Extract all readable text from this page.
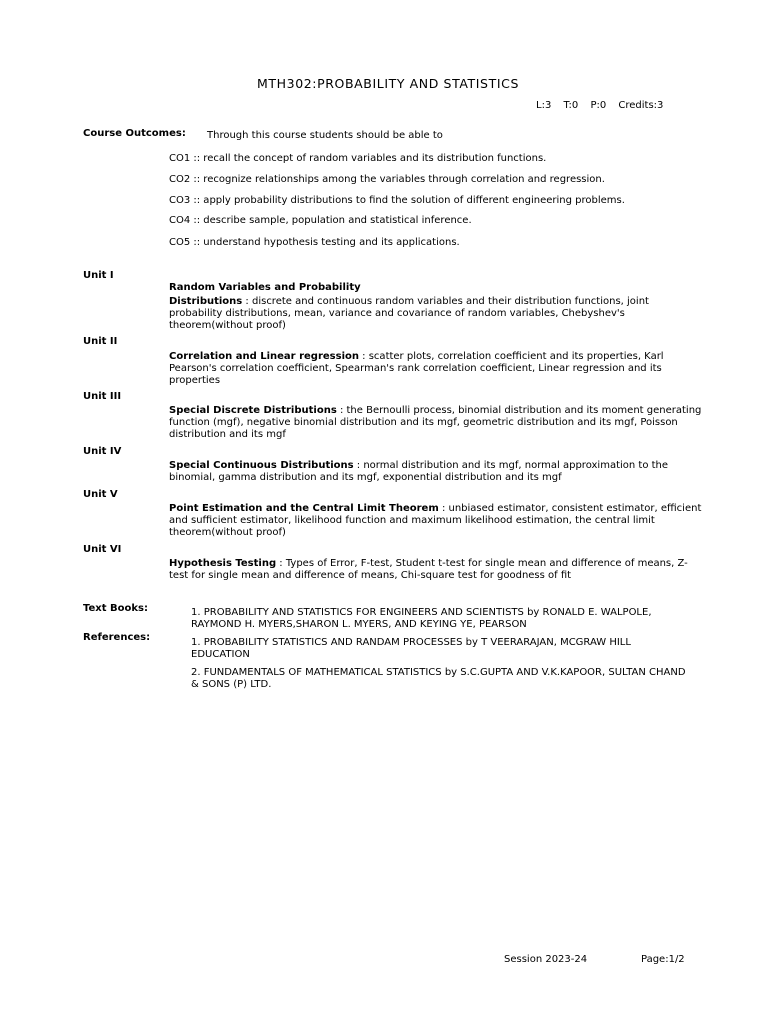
MTH302:PROBABILITY AND STATISTICS
L:3 T:0 P:0 Credits:3
Course Outcomes: Through this course students should be able to
CO1 :: recall the concept of random variables and its distribution functions.
CO2 :: recognize relationships among the variables through correlation and regression.
CO3 :: apply probability distributions to find the solution of different engineering problems.
CO4 :: describe sample, population and statistical inference.
CO5 :: understand hypothesis testing and its applications.
Unit I
Random Variables and Probability
Distributions : discrete and continuous random variables and their distribution functions, joint probability distributions, mean, variance and covariance of random variables, Chebyshev's theorem(without proof)
Unit II
Correlation and Linear regression : scatter plots, correlation coefficient and its properties, Karl Pearson's correlation coefficient, Spearman's rank correlation coefficient, Linear regression and its properties
Unit III
Special Discrete Distributions : the Bernoulli process, binomial distribution and its moment generating function (mgf), negative binomial distribution and its mgf, geometric distribution and its mgf, Poisson distribution and its mgf
Unit IV
Special Continuous Distributions : normal distribution and its mgf, normal approximation to the binomial, gamma distribution and its mgf, exponential distribution and its mgf
Unit V
Point Estimation and the Central Limit Theorem : unbiased estimator, consistent estimator, efficient and sufficient estimator, likelihood function and maximum likelihood estimation, the central limit theorem(without proof)
Unit VI
Hypothesis Testing : Types of Error, F-test, Student t-test for single mean and difference of means, Z-test for single mean and difference of means, Chi-square test for goodness of fit
Text Books:	1. PROBABILITY AND STATISTICS FOR ENGINEERS AND SCIENTISTS by RONALD E. WALPOLE, RAYMOND H. MYERS,SHARON L. MYERS, AND KEYING YE, PEARSON
References:	1. PROBABILITY STATISTICS AND RANDAM PROCESSES by T VEERARAJAN, MCGRAW HILL EDUCATION
2. FUNDAMENTALS OF MATHEMATICAL STATISTICS by S.C.GUPTA AND V.K.KAPOOR, SULTAN CHAND & SONS (P) LTD.
Session 2023-24	Page:1/2
